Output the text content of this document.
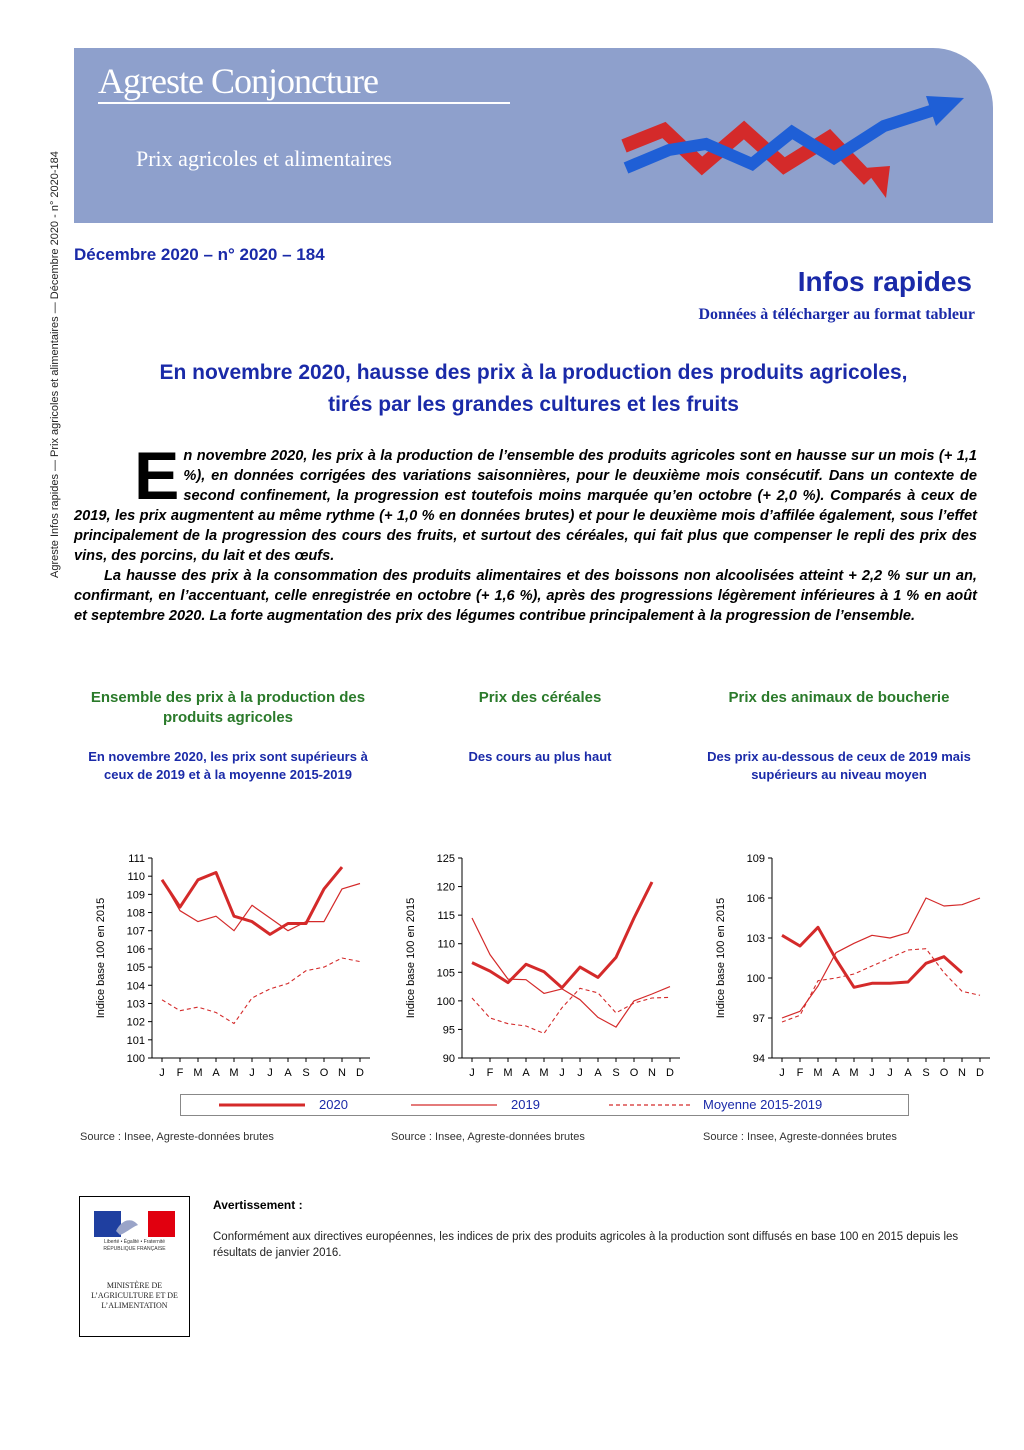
Agreste Infos rapides — Prix agricoles et alimentaires — Décembre 2020 - n° 2020-184
Agreste Conjoncture
Prix agricoles et alimentaires
Décembre 2020 – n° 2020 – 184
Infos rapides
Données à télécharger au format tableur
En novembre 2020, hausse des prix à la production des produits agricoles,
tirés par les grandes cultures et les fruits
E n novembre 2020, les prix à la production de l’ensemble des produits agricoles sont en hausse sur un mois (+ 1,1 %), en données corrigées des variations saisonnières, pour le deuxième mois consécutif. Dans un contexte de second confinement, la progression est toutefois moins marquée qu’en octobre (+ 2,0 %). Comparés à ceux de 2019, les prix augmentent au même rythme (+ 1,0 % en données brutes) et pour le deuxième mois d’affilée également, sous l’effet principalement de la progression des cours des fruits, et surtout des céréales, qui fait plus que compenser le repli des prix des vins, des porcins, du lait et des œufs.

La hausse des prix à la consommation des produits alimentaires et des boissons non alcoolisées atteint + 2,2 % sur un an, confirmant, en l’accentuant, celle enregistrée en octobre (+ 1,6 %), après des progressions légèrement inférieures à 1 % en août et septembre 2020. La forte augmentation des prix des légumes contribue principalement à la progression de l’ensemble.

Ensemble des prix à la production des produits agricoles
En novembre 2020, les prix sont supérieurs à ceux de 2019 et à la moyenne 2015-2019
Prix des céréales
Des cours au plus haut
Prix des animaux de boucherie
Des prix au-dessous de ceux de 2019 mais supérieurs au niveau moyen
100
101
102
103
104
105
106
107
108
109
110
111
J F M A M J J A S O N D
Indice base 100 en 2015
90
95
100
105
110
115
120
125
J F M A M J J A S O N D
Indice base 100 en 2015
94
97
100
103
106
109
J F M A M J J A S O N D
Indice base 100 en 2015
2020	2019	Moyenne 2015-2019
Source : Insee, Agreste-données brutes	Source : Insee, Agreste-données brutes	Source : Insee, Agreste-données brutes
Liberté • Égalité • Fraternité
RÉPUBLIQUE FRANÇAISE
MINISTÈRE DE L’AGRICULTURE ET DE L’ALIMENTATION
Avertissement :
Conformément aux directives européennes, les indices de prix des produits agricoles à la production sont diffusés en base 100 en 2015 depuis les résultats de janvier 2016.
